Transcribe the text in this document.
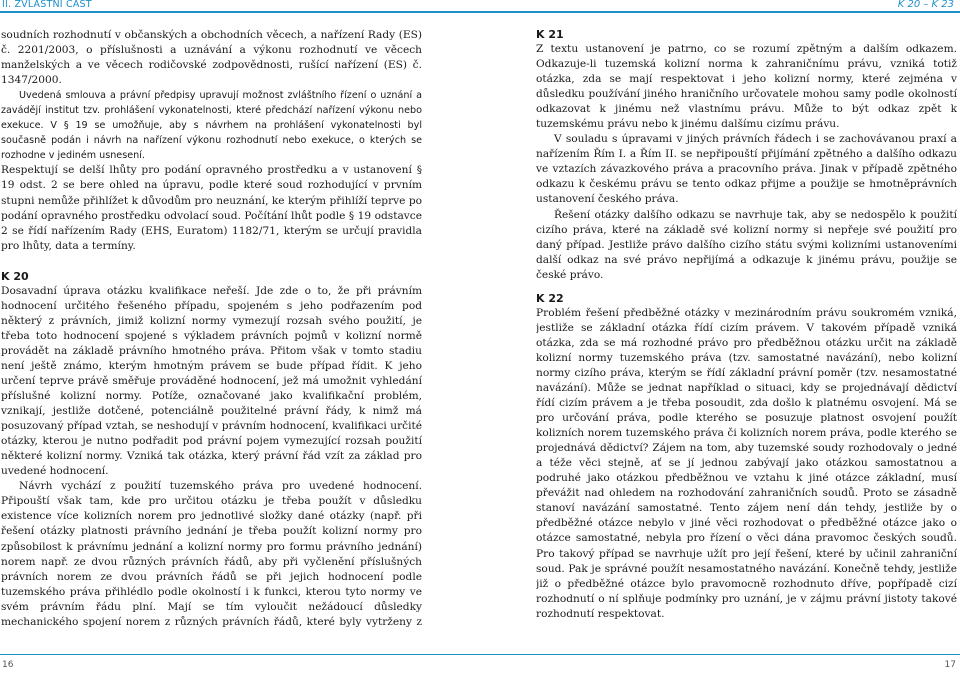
II. ZVLÁŠTNÍ ČÁST	K 20 – K 23

soudních rozhodnutí v občanských a obchodních věcech, a nařízení Rady (ES) č. 2201/2003, o příslušnosti a uznávání a výkonu rozhodnutí ve věcech manželských a ve věcech rodičovské zodpovědnosti, rušící nařízení (ES) č. 1347/2000.

Uvedená smlouva a právní předpisy upravují možnost zvláštního řízení o uznání a zavádějí institut tzv. prohlášení vykonatelnosti, které předchází nařízení výkonu nebo exekuce. V § 19 se umožňuje, aby s návrhem na prohlášení vykonatelnosti byl současně podán i návrh na nařízení výkonu rozhodnutí nebo exekuce, o kterých se rozhodne v jediném usnesení.

Respektují se delší lhůty pro podání opravného prostředku a v ustanovení § 19 odst. 2 se bere ohled na úpravu, podle které soud rozhodující v prvním stupni nemůže přihlížet k důvodům pro neuznání, ke kterým přihlíží teprve po podání opravného prostředku odvolací soud. Počítání lhůt podle § 19 odstavce 2 se řídí nařízením Rady (EHS, Euratom) 1182/71, kterým se určují pravidla pro lhůty, data a termíny.

K 20

Dosavadní úprava otázku kvalifikace neřeší. Jde zde o to, že při právním hodnocení určitého řešeného případu, spojeném s jeho podřazením pod některý z právních, jimiž kolizní normy vymezují rozsah svého použití, je třeba toto hodnocení spojené s výkladem právních pojmů v kolizní normě provádět na základě právního hmotného práva. Přitom však v tomto stadiu není ještě známo, kterým hmotným právem se bude případ řídit. K jeho určení teprve právě směřuje prováděné hodnocení, jež má umožnit vyhledání příslušné kolizní normy. Potíže, označované jako kvalifikační problém, vznikají, jestliže dotčené, potenciálně použitelné právní řády, k nimž má posuzovaný případ vztah, se neshodují v právním hodnocení, kvalifikaci určité otázky, kterou je nutno podřadit pod právní pojem vymezující rozsah použití některé kolizní normy. Vzniká tak otázka, který právní řád vzít za základ pro uvedené hodnocení.

Návrh vychází z použití tuzemského práva pro uvedené hodnocení. Připouští však tam, kde pro určitou otázku je třeba použít v důsledku existence více kolizních norem pro jednotlivé složky dané otázky (např. při řešení otázky platnosti právního jednání je třeba použít kolizní normy pro způsobilost k právnímu jednání a kolizní normy pro formu právního jednání) norem např. ze dvou různých právních řádů, aby při vyčlenění příslušných právních norem ze dvou právních řádů se při jejich hodnocení podle tuzemského práva přihlédlo podle okolností i k funkci, kterou tyto normy ve svém právním řádu plní. Mají se tím vyloučit nežádoucí důsledky mechanického spojení norem z různých právních řádů, které byly vytrženy z

K 21

Z textu ustanovení je patrno, co se rozumí zpětným a dalším odkazem. Odkazuje-li tuzemská kolizní norma k zahraničnímu právu, vzniká totiž otázka, zda se mají respektovat i jeho kolizní normy, které zejména v důsledku používání jiného hraničního určovatele mohou samy podle okolností odkazovat k jinému než vlastnímu právu. Může to být odkaz zpět k tuzemskému právu nebo k jinému dalšímu cizímu právu.

V souladu s úpravami v jiných právních řádech i se zachovávanou praxí a nařízením Řím I. a Řím II. se nepřipouští přijímání zpětného a dalšího odkazu ve vztazích závazkového práva a pracovního práva. Jinak v případě zpětného odkazu k českému právu se tento odkaz přijme a použije se hmotněprávních ustanovení českého práva.

Řešení otázky dalšího odkazu se navrhuje tak, aby se nedospělo k použití cizího práva, které na základě své kolizní normy si nepřeje své použití pro daný případ. Jestliže právo dalšího cizího státu svými kolizními ustanoveními další odkaz na své právo nepřijímá a odkazuje k jinému právu, použije se české právo.

K 22

Problém řešení předběžné otázky v mezinárodním právu soukromém vzniká, jestliže se základní otázka řídí cizím právem. V takovém případě vzniká otázka, zda se má rozhodné právo pro předběžnou otázku určit na základě kolizní normy tuzemského práva (tzv. samostatné navázání), nebo kolizní normy cizího práva, kterým se řídí základní právní poměr (tzv. nesamostatné navázání). Může se jednat například o situaci, kdy se projednávají dědictví řídí cizím právem a je třeba posoudit, zda došlo k platnému osvojení. Má se pro určování práva, podle kterého se posuzuje platnost osvojení použít kolizních norem tuzemského práva či kolizních norem práva, podle kterého se projednává dědictví? Zájem na tom, aby tuzemské soudy rozhodovaly o jedné a téže věci stejně, ať se jí jednou zabývají jako otázkou samostatnou a podruhé jako otázkou předběžnou ve vztahu k jiné otázce základní, musí převážit nad ohledem na rozhodování zahraničních soudů. Proto se zásadně stanoví navázání samostatné. Tento zájem není dán tehdy, jestliže by o předběžné otázce nebylo v jiné věci rozhodovat o předběžné otázce jako o otázce samostatné, nebyla pro řízení o věci dána pravomoc českých soudů. Pro takový případ se navrhuje užít pro její řešení, které by učinil zahraniční soud. Pak je správné použít nesamostatného navázání. Konečně tehdy, jestliže již o předběžné otázce bylo pravomocně rozhodnuto dříve, popřípadě cizí rozhodnutí o ní splňuje podmínky pro uznání, je v zájmu právní jistoty takové rozhodnutí respektovat.

16	17
